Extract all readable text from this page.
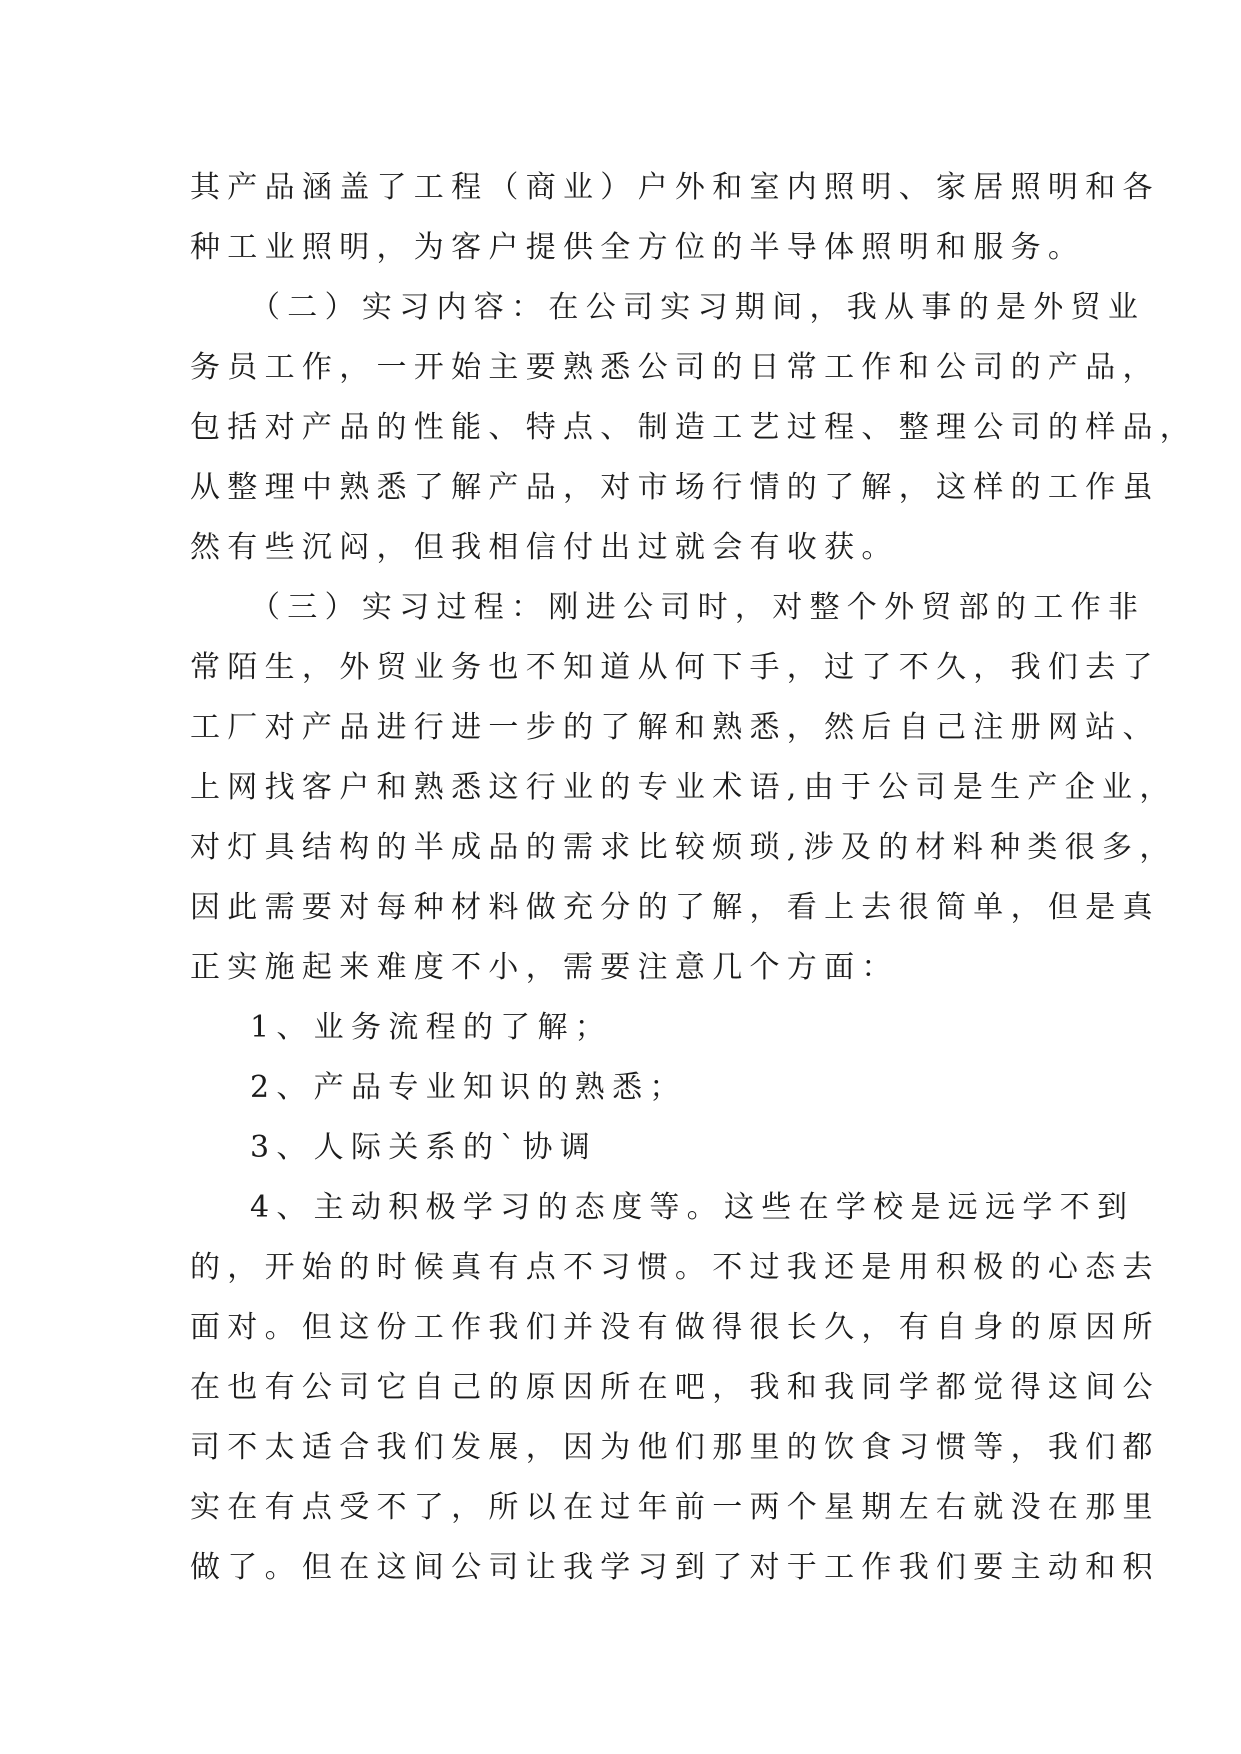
其产品涵盖了工程（商业）户外和室内照明、家居照明和各
种工业照明，为客户提供全方位的半导体照明和服务。
（二）实习内容：在公司实习期间，我从事的是外贸业
务员工作，一开始主要熟悉公司的日常工作和公司的产品，
包括对产品的性能、特点、制造工艺过程、整理公司的样品，
从整理中熟悉了解产品，对市场行情的了解，这样的工作虽
然有些沉闷，但我相信付出过就会有收获。
（三）实习过程：刚进公司时，对整个外贸部的工作非
常陌生，外贸业务也不知道从何下手，过了不久，我们去了
工厂对产品进行进一步的了解和熟悉，然后自己注册网站、
上网找客户和熟悉这行业的专业术语,由于公司是生产企业，
对灯具结构的半成品的需求比较烦琐,涉及的材料种类很多，
因此需要对每种材料做充分的了解，看上去很简单，但是真
正实施起来难度不小，需要注意几个方面：
1、业务流程的了解；
2、产品专业知识的熟悉；
3、人际关系的`协调
4、主动积极学习的态度等。这些在学校是远远学不到
的，开始的时候真有点不习惯。不过我还是用积极的心态去
面对。但这份工作我们并没有做得很长久，有自身的原因所
在也有公司它自己的原因所在吧，我和我同学都觉得这间公
司不太适合我们发展，因为他们那里的饮食习惯等，我们都
实在有点受不了，所以在过年前一两个星期左右就没在那里
做了。但在这间公司让我学习到了对于工作我们要主动和积
